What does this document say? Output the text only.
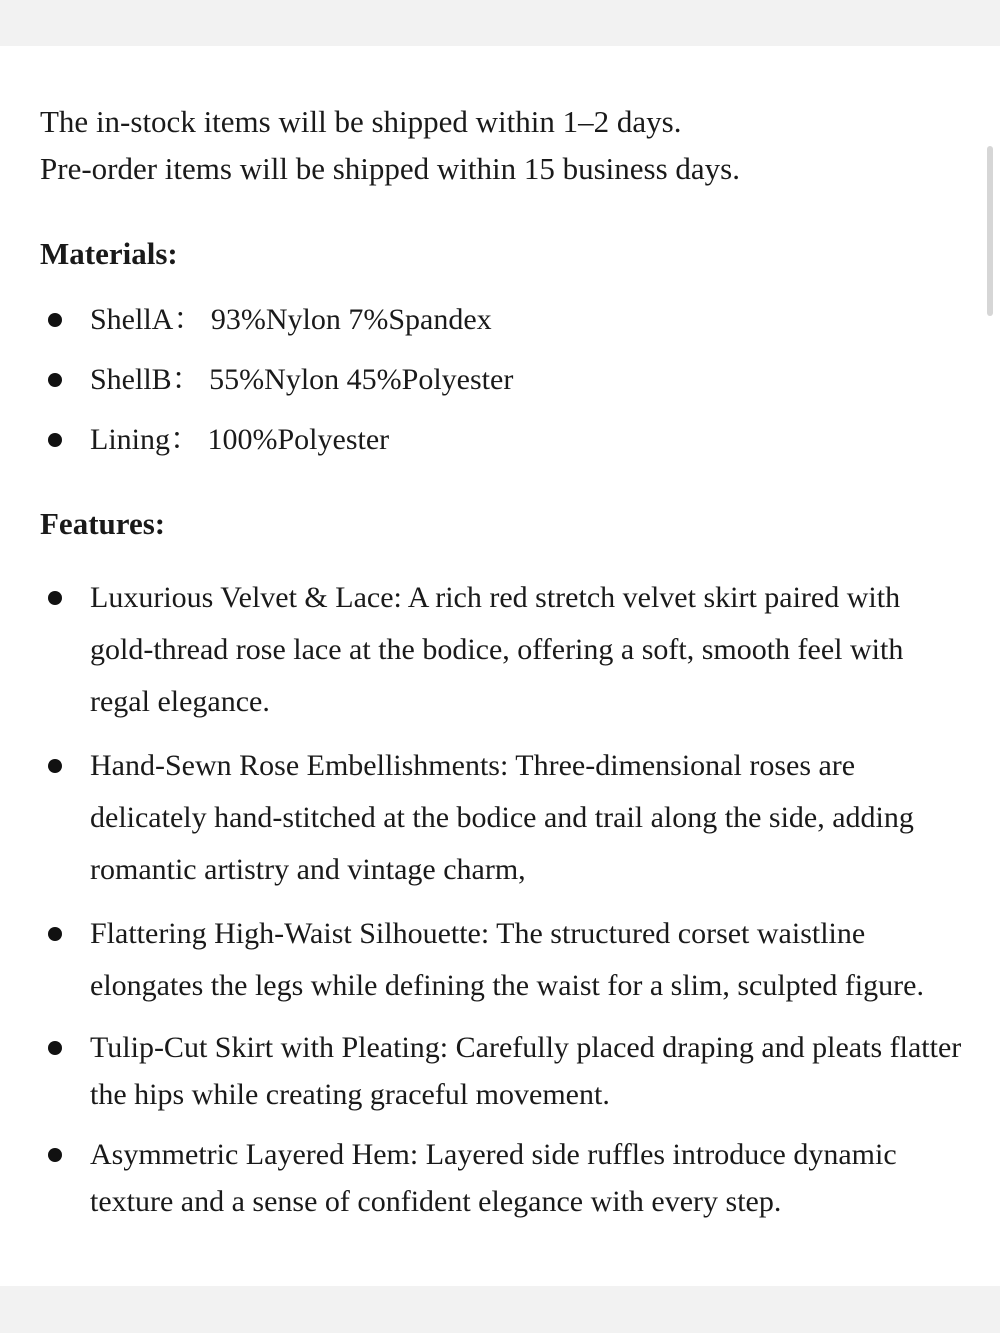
The in-stock items will be shipped within 1–2 days.

Pre-order items will be shipped within 15 business days.

Materials:
ShellA： 93%Nylon 7%Spandex
ShellB： 55%Nylon 45%Polyester
Lining： 100%Polyester
Features:
Luxurious Velvet & Lace: A rich red stretch velvet skirt paired with gold-thread rose lace at the bodice, offering a soft, smooth feel with regal elegance.
Hand-Sewn Rose Embellishments: Three-dimensional roses are delicately hand-stitched at the bodice and trail along the side, adding romantic artistry and vintage charm,
Flattering High-Waist Silhouette: The structured corset waistline elongates the legs while defining the waist for a slim, sculpted figure.
Tulip-Cut Skirt with Pleating: Carefully placed draping and pleats flatter the hips while creating graceful movement.
Asymmetric Layered Hem: Layered side ruffles introduce dynamic texture and a sense of confident elegance with every step.
